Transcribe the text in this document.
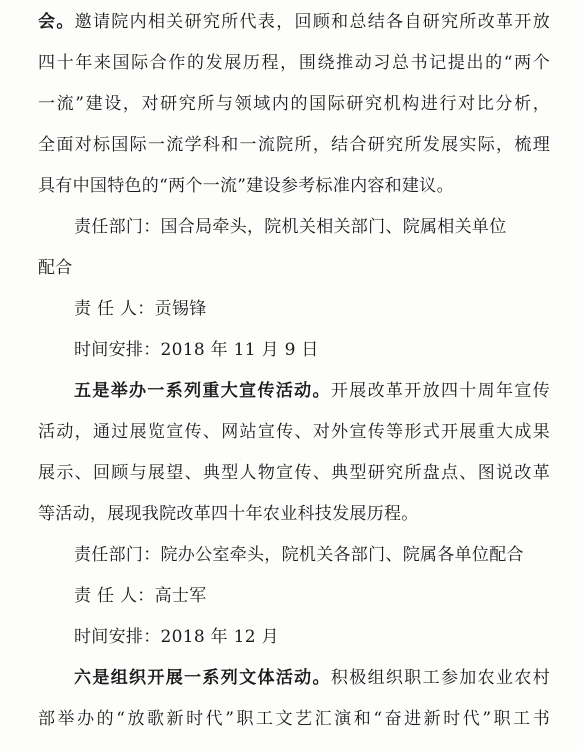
会。邀请院内相关研究所代表，回顾和总结各自研究所改革开放
四十年来国际合作的发展历程，围绕推动习总书记提出的“两个
一流”建设，对研究所与领域内的国际研究机构进行对比分析，
全面对标国际一流学科和一流院所，结合研究所发展实际，梳理
具有中国特色的“两个一流”建设参考标准内容和建议。
责任部门：国合局牵头，院机关相关部门、院属相关单位
配合
责 任 人：贡锡锋
时间安排：2018 年 11 月 9 日
五是举办一系列重大宣传活动。开展改革开放四十周年宣传
活动，通过展览宣传、网站宣传、对外宣传等形式开展重大成果
展示、回顾与展望、典型人物宣传、典型研究所盘点、图说改革
等活动，展现我院改革四十年农业科技发展历程。
责任部门：院办公室牵头，院机关各部门、院属各单位配合
责 任 人：高士军
时间安排：2018 年 12 月
六是组织开展一系列文体活动。积极组织职工参加农业农村
部举办的“放歌新时代”职工文艺汇演和“奋进新时代”职工书
